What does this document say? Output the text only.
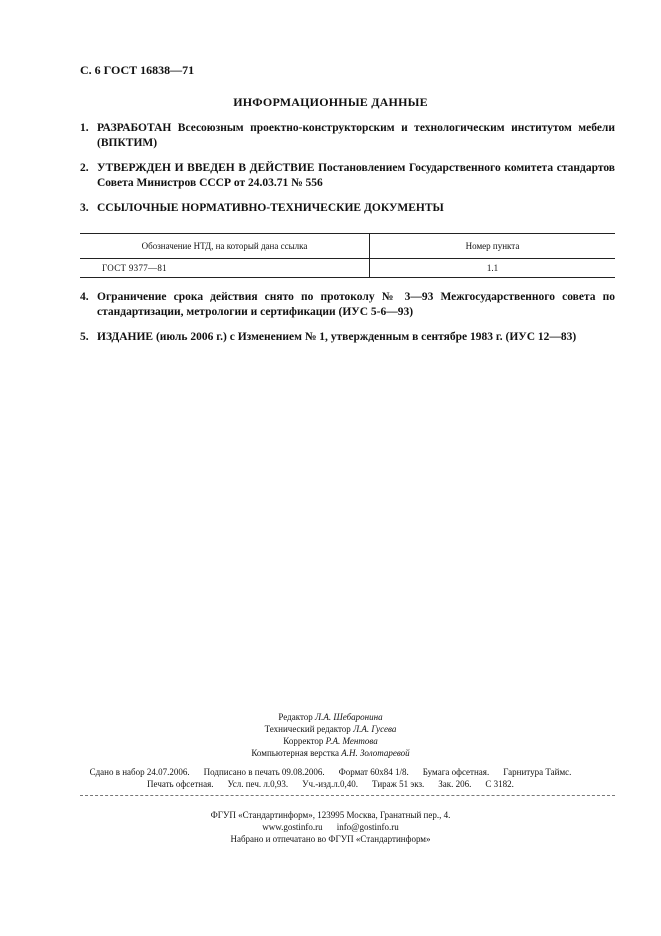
С. 6 ГОСТ 16838—71
ИНФОРМАЦИОННЫЕ ДАННЫЕ
1. РАЗРАБОТАН Всесоюзным проектно-конструкторским и технологическим институтом мебели (ВПКТИМ)
2. УТВЕРЖДЕН И ВВЕДЕН В ДЕЙСТВИЕ Постановлением Государственного комитета стандартов Совета Министров СССР от 24.03.71 № 556
3. ССЫЛОЧНЫЕ НОРМАТИВНО-ТЕХНИЧЕСКИЕ ДОКУМЕНТЫ
Обозначение НТД, на который дана ссылка	Номер пункта
ГОСТ 9377—81	1.1
4. Ограничение срока действия снято по протоколу № 3—93 Межгосударственного совета по стандартизации, метрологии и сертификации (ИУС 5-6—93)
5. ИЗДАНИЕ (июль 2006 г.) с Изменением № 1, утвержденным в сентябре 1983 г. (ИУС 12—83)
Редактор Л.А. Шебаронина
Технический редактор Л.А. Гусева
Корректор Р.А. Ментова
Компьютерная верстка А.Н. Золотаревой
Сдано в набор 24.07.2006. Подписано в печать 09.08.2006. Формат 60х84 1/8. Бумага офсетная. Гарнитура Таймс.
Печать офсетная. Усл. печ. л.0,93. Уч.-изд.л.0,40. Тираж 51 экз. Зак. 206. С 3182.
ФГУП «Стандартинформ», 123995 Москва, Гранатный пер., 4.
www.gostinfo.ru info@gostinfo.ru
Набрано и отпечатано во ФГУП «Стандартинформ»
